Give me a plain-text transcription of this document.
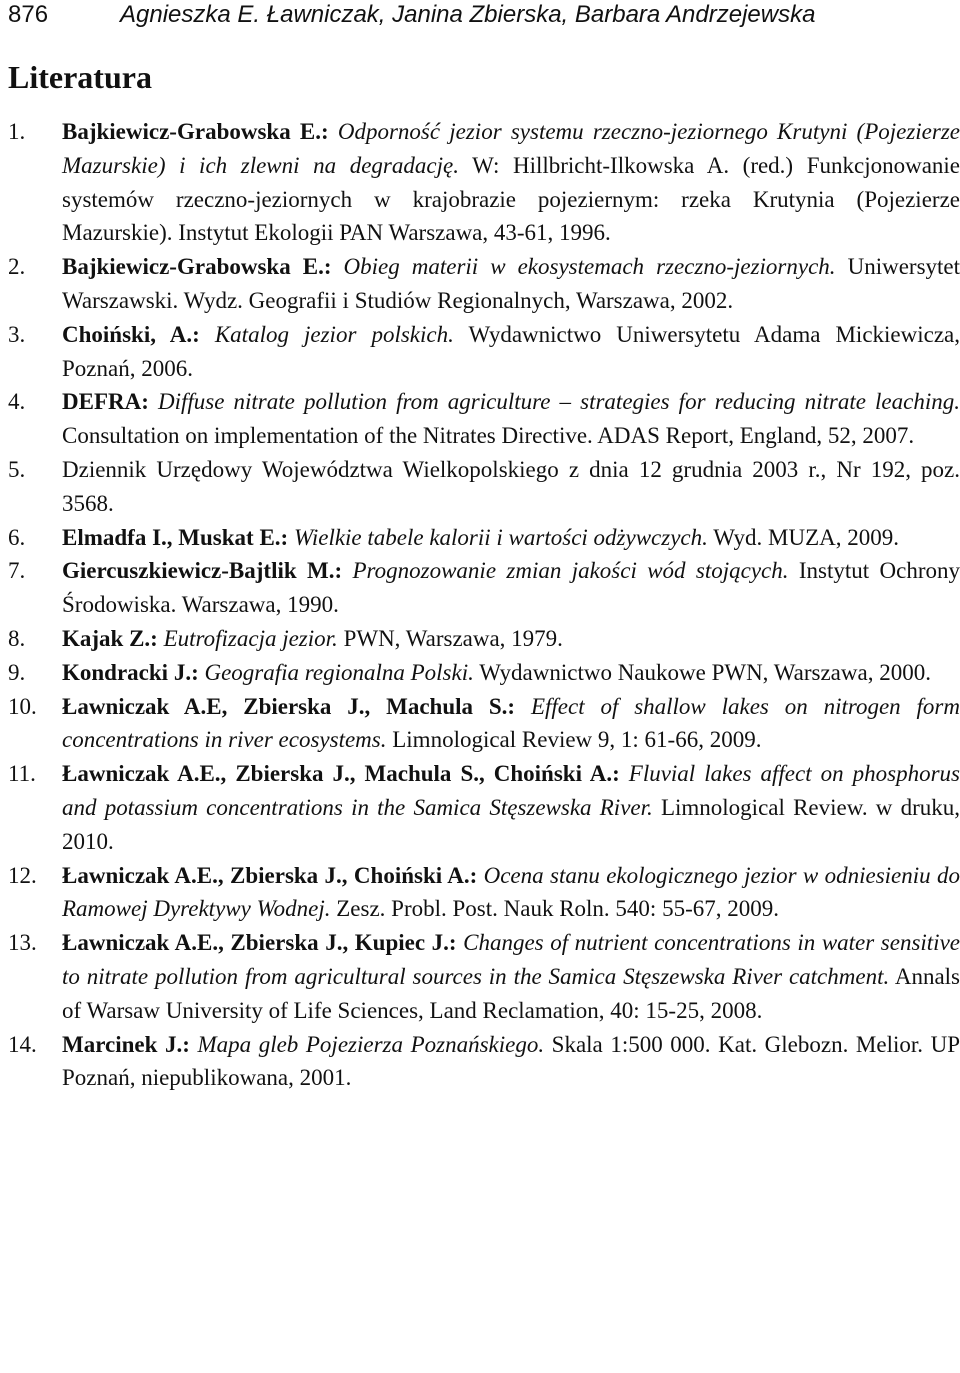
876	Agnieszka E. Ławniczak, Janina Zbierska, Barbara Andrzejewska
Literatura
1. Bajkiewicz-Grabowska E.: Odporność jezior systemu rzeczno-jeziornego Krutyni (Pojezierze Mazurskie) i ich zlewni na degradację. W: Hillbricht-Ilkowska A. (red.) Funkcjonowanie systemów rzeczno-jeziornych w krajobrazie pojeziernym: rzeka Krutynia (Pojezierze Mazurskie). Instytut Ekologii PAN Warszawa, 43-61, 1996.
2. Bajkiewicz-Grabowska E.: Obieg materii w ekosystemach rzeczno-jeziornych. Uniwersytet Warszawski. Wydz. Geografii i Studiów Regionalnych, Warszawa, 2002.
3. Choiński, A.: Katalog jezior polskich. Wydawnictwo Uniwersytetu Adama Mickiewicza, Poznań, 2006.
4. DEFRA: Diffuse nitrate pollution from agriculture – strategies for reducing nitrate leaching. Consultation on implementation of the Nitrates Directive. ADAS Report, England, 52, 2007.
5. Dziennik Urzędowy Województwa Wielkopolskiego z dnia 12 grudnia 2003 r., Nr 192, poz. 3568.
6. Elmadfa I., Muskat E.: Wielkie tabele kalorii i wartości odżywczych. Wyd. MUZA, 2009.
7. Giercuszkiewicz-Bajtlik M.: Prognozowanie zmian jakości wód stojących. Instytut Ochrony Środowiska. Warszawa, 1990.
8. Kajak Z.: Eutrofizacja jezior. PWN, Warszawa, 1979.
9. Kondracki J.: Geografia regionalna Polski. Wydawnictwo Naukowe PWN, Warszawa, 2000.
10. Ławniczak A.E, Zbierska J., Machula S.: Effect of shallow lakes on nitrogen form concentrations in river ecosystems. Limnological Review 9, 1: 61-66, 2009.
11. Ławniczak A.E., Zbierska J., Machula S., Choiński A.: Fluvial lakes affect on phosphorus and potassium concentrations in the Samica Stęszewska River. Limnological Review. w druku, 2010.
12. Ławniczak A.E., Zbierska J., Choiński A.: Ocena stanu ekologicznego jezior w odniesieniu do Ramowej Dyrektywy Wodnej. Zesz. Probl. Post. Nauk Roln. 540: 55-67, 2009.
13. Ławniczak A.E., Zbierska J., Kupiec J.: Changes of nutrient concentrations in water sensitive to nitrate pollution from agricultural sources in the Samica Stęszewska River catchment. Annals of Warsaw University of Life Sciences, Land Reclamation, 40: 15-25, 2008.
14. Marcinek J.: Mapa gleb Pojezierza Poznańskiego. Skala 1:500 000. Kat. Glebozn. Melior. UP Poznań, niepublikowana, 2001.
